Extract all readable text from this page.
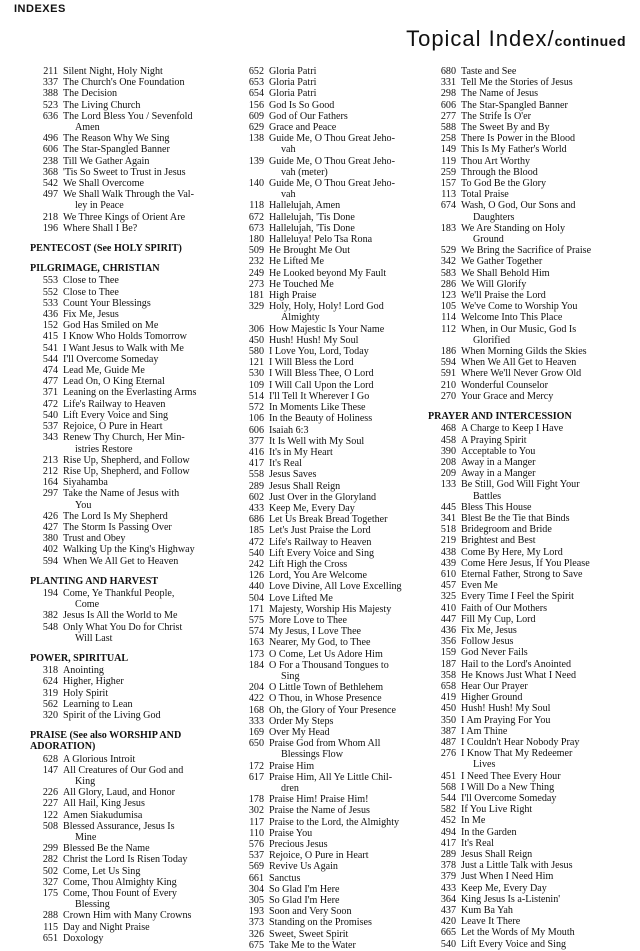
INDEXES
Topical Index/continued
211 Silent Night, Holy Night
337 The Church's One Foundation
388 The Decision
523 The Living Church
636 The Lord Bless You / Sevenfold
Amen
496 The Reason Why We Sing
606 The Star-Spangled Banner
238 Till We Gather Again
368 'Tis So Sweet to Trust in Jesus
542 We Shall Overcome
497 We Shall Walk Through the Val-
ley in Peace
218 We Three Kings of Orient Are
196 Where Shall I Be?
PENTECOST (See HOLY SPIRIT)
PILGRIMAGE, CHRISTIAN
553 Close to Thee
552 Close to Thee
533 Count Your Blessings
436 Fix Me, Jesus
152 God Has Smiled on Me
415 I Know Who Holds Tomorrow
541 I Want Jesus to Walk with Me
544 I'll Overcome Someday
474 Lead Me, Guide Me
477 Lead On, O King Eternal
371 Leaning on the Everlasting Arms
472 Life's Railway to Heaven
540 Lift Every Voice and Sing
537 Rejoice, O Pure in Heart
343 Renew Thy Church, Her Min-
istries Restore
213 Rise Up, Shepherd, and Follow
212 Rise Up, Shepherd, and Follow
164 Siyahamba
297 Take the Name of Jesus with
You
426 The Lord Is My Shepherd
427 The Storm Is Passing Over
380 Trust and Obey
402 Walking Up the King's Highway
594 When We All Get to Heaven
PLANTING AND HARVEST
194 Come, Ye Thankful People,
Come
382 Jesus Is All the World to Me
548 Only What You Do for Christ
Will Last
POWER, SPIRITUAL
318 Anointing
624 Higher, Higher
319 Holy Spirit
562 Learning to Lean
320 Spirit of the Living God
PRAISE (See also WORSHIP AND
ADORATION)
628 A Glorious Introit
147 All Creatures of Our God and
King
226 All Glory, Laud, and Honor
227 All Hail, King Jesus
122 Amen Siakudumisa
508 Blessed Assurance, Jesus Is
Mine
299 Blessed Be the Name
282 Christ the Lord Is Risen Today
502 Come, Let Us Sing
327 Come, Thou Almighty King
175 Come, Thou Fount of Every
Blessing
288 Crown Him with Many Crowns
115 Day and Night Praise
651 Doxology
652 Gloria Patri
653 Gloria Patri
654 Gloria Patri
156 God Is So Good
609 God of Our Fathers
629 Grace and Peace
138 Guide Me, O Thou Great Jeho-
vah
139 Guide Me, O Thou Great Jeho-
vah (meter)
140 Guide Me, O Thou Great Jeho-
vah
118 Hallelujah, Amen
672 Hallelujah, 'Tis Done
673 Hallelujah, 'Tis Done
180 Halleluya! Pelo Tsa Rona
509 He Brought Me Out
232 He Lifted Me
249 He Looked beyond My Fault
273 He Touched Me
181 High Praise
329 Holy, Holy, Holy! Lord God
Almighty
306 How Majestic Is Your Name
450 Hush! Hush! My Soul
580 I Love You, Lord, Today
121 I Will Bless the Lord
530 I Will Bless Thee, O Lord
109 I Will Call Upon the Lord
514 I'll Tell It Wherever I Go
572 In Moments Like These
106 In the Beauty of Holiness
606 Isaiah 6:3
377 It Is Well with My Soul
416 It's in My Heart
417 It's Real
558 Jesus Saves
289 Jesus Shall Reign
602 Just Over in the Gloryland
433 Keep Me, Every Day
686 Let Us Break Bread Together
185 Let's Just Praise the Lord
472 Life's Railway to Heaven
540 Lift Every Voice and Sing
242 Lift High the Cross
126 Lord, You Are Welcome
440 Love Divine, All Love Excelling
504 Love Lifted Me
171 Majesty, Worship His Majesty
575 More Love to Thee
574 My Jesus, I Love Thee
163 Nearer, My God, to Thee
173 O Come, Let Us Adore Him
184 O For a Thousand Tongues to
Sing
204 O Little Town of Bethlehem
422 O Thou, in Whose Presence
168 Oh, the Glory of Your Presence
333 Order My Steps
169 Over My Head
650 Praise God from Whom All
Blessings Flow
172 Praise Him
617 Praise Him, All Ye Little Chil-
dren
178 Praise Him! Praise Him!
302 Praise the Name of Jesus
117 Praise to the Lord, the Almighty
110 Praise You
576 Precious Jesus
537 Rejoice, O Pure in Heart
569 Revive Us Again
661 Sanctus
304 So Glad I'm Here
305 So Glad I'm Here
193 Soon and Very Soon
373 Standing on the Promises
326 Sweet, Sweet Spirit
675 Take Me to the Water
680 Taste and See
331 Tell Me the Stories of Jesus
298 The Name of Jesus
606 The Star-Spangled Banner
277 The Strife Is O'er
588 The Sweet By and By
258 There Is Power in the Blood
149 This Is My Father's World
119 Thou Art Worthy
259 Through the Blood
157 To God Be the Glory
113 Total Praise
674 Wash, O God, Our Sons and
Daughters
183 We Are Standing on Holy
Ground
529 We Bring the Sacrifice of Praise
342 We Gather Together
583 We Shall Behold Him
286 We Will Glorify
123 We'll Praise the Lord
105 We've Come to Worship You
114 Welcome Into This Place
112 When, in Our Music, God Is
Glorified
186 When Morning Gilds the Skies
594 When We All Get to Heaven
591 Where We'll Never Grow Old
210 Wonderful Counselor
270 Your Grace and Mercy
PRAYER AND INTERCESSION
468 A Charge to Keep I Have
458 A Praying Spirit
390 Acceptable to You
208 Away in a Manger
209 Away in a Manger
133 Be Still, God Will Fight Your
Battles
445 Bless This House
341 Blest Be the Tie that Binds
518 Bridegroom and Bride
219 Brightest and Best
438 Come By Here, My Lord
439 Come Here Jesus, If You Please
610 Eternal Father, Strong to Save
457 Even Me
325 Every Time I Feel the Spirit
410 Faith of Our Mothers
447 Fill My Cup, Lord
436 Fix Me, Jesus
356 Follow Jesus
159 God Never Fails
187 Hail to the Lord's Anointed
358 He Knows Just What I Need
658 Hear Our Prayer
419 Higher Ground
450 Hush! Hush! My Soul
350 I Am Praying For You
387 I Am Thine
487 I Couldn't Hear Nobody Pray
276 I Know That My Redeemer
Lives
451 I Need Thee Every Hour
568 I Will Do a New Thing
544 I'll Overcome Someday
582 If You Live Right
452 In Me
494 In the Garden
417 It's Real
289 Jesus Shall Reign
378 Just a Little Talk with Jesus
379 Just When I Need Him
433 Keep Me, Every Day
364 King Jesus Is a-Listenin'
437 Kum Ba Yah
420 Leave It There
665 Let the Words of My Mouth
540 Lift Every Voice and Sing
